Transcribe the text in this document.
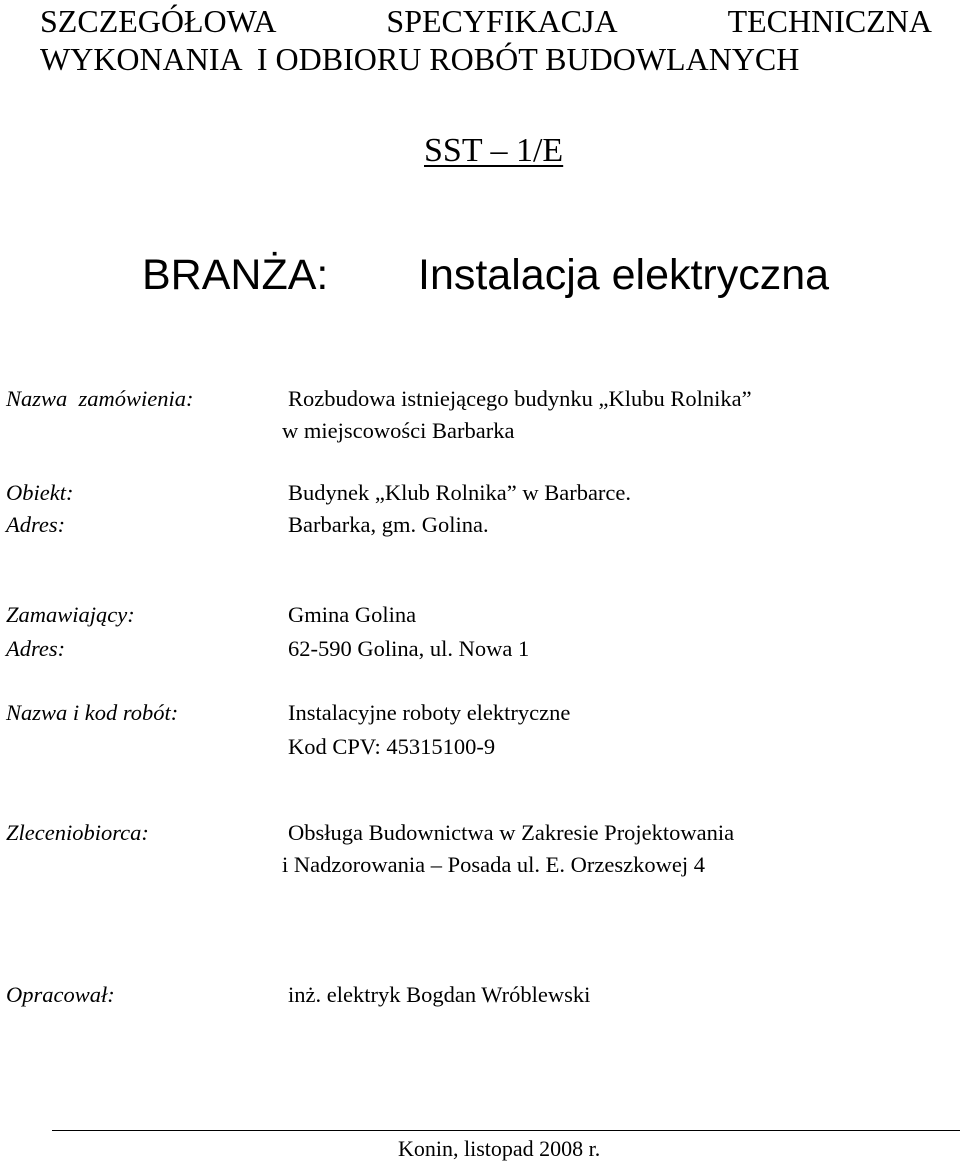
SZCZEGÓŁOWA	SPECYFIKACJA	TECHNICZNA
WYKONANIA  I ODBIORU ROBÓT BUDOWLANYCH
SST – 1/E
BRANŻA: Instalacja elektryczna
Nazwa  zamówienia:	Rozbudowa istniejącego budynku „Klubu Rolnika”
w miejscowości Barbarka
Obiekt:	Budynek „Klub Rolnika” w Barbarce.
Adres:	Barbarka, gm. Golina.
Zamawiający:	Gmina Golina
Adres:	62-590 Golina, ul. Nowa 1
Nazwa i kod robót:	Instalacyjne roboty elektryczne
Kod CPV: 45315100-9
Zleceniobiorca:	Obsługa Budownictwa w Zakresie Projektowania
i Nadzorowania – Posada ul. E. Orzeszkowej 4
Opracował:	inż. elektryk Bogdan Wróblewski
Konin, listopad 2008 r.
